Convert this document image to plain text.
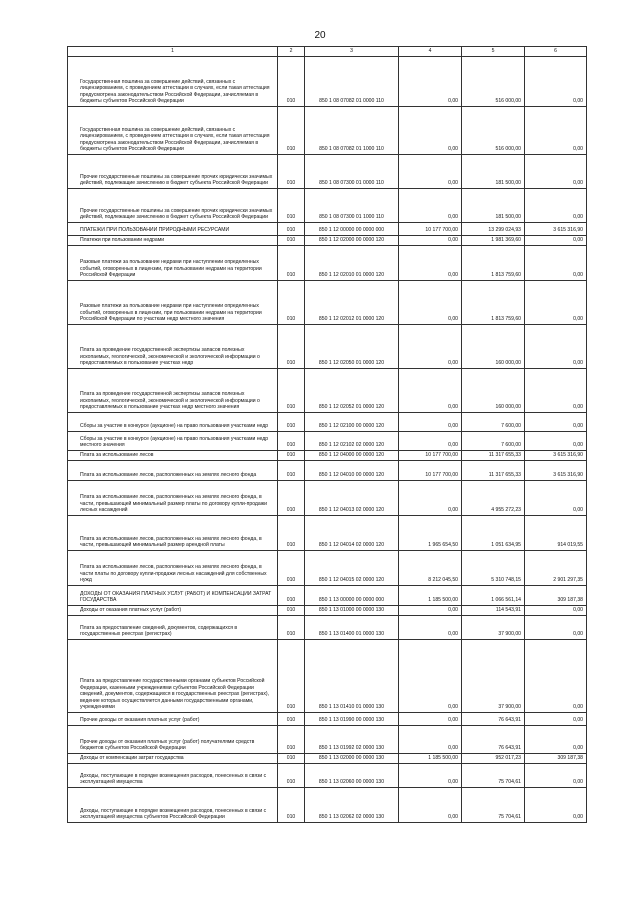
20
1	2	3	4	5	6
Государственная пошлина за совершение действий, связанных с лицензированием, с проведением аттестации в случаях, если такая аттестация предусмотрена законодательством Российской Федерации, зачисляемая в бюджеты субъектов Российской Федерации	010	850 1 08 07082 01 0000 110	0,00	516 000,00	0,00
Государственная пошлина за совершение действий, связанных с лицензированием, с проведением аттестации в случаях, если такая аттестация предусмотрена законодательством Российской Федерации, зачисляемая в бюджеты субъектов Российской Федерации	010	850 1 08 07082 01 1000 110	0,00	516 000,00	0,00
Прочие государственные пошлины за совершение прочих юридически значимых действий, подлежащие зачислению в бюджет субъекта Российской Федерации	010	850 1 08 07300 01 0000 110	0,00	181 500,00	0,00
Прочие государственные пошлины за совершение прочих юридически значимых действий, подлежащие зачислению в бюджет субъекта Российской Федерации	010	850 1 08 07300 01 1000 110	0,00	181 500,00	0,00
ПЛАТЕЖИ ПРИ ПОЛЬЗОВАНИИ ПРИРОДНЫМИ РЕСУРСАМИ	010	850 1 12 00000 00 0000 000	10 177 700,00	13 299 024,93	3 615 316,90
Платежи при пользовании недрами	010	850 1 12 02000 00 0000 120	0,00	1 981 369,60	0,00
Разовые платежи за пользование недрами при наступлении определенных событий, оговоренных в лицензии, при пользовании недрами на территории Российской Федерации	010	850 1 12 02010 01 0000 120	0,00	1 813 759,60	0,00
Разовые платежи за пользование недрами при наступлении определенных событий, оговоренных в лицензии, при пользовании недрами на территории Российской Федерации по участкам недр местного значения	010	850 1 12 02012 01 0000 120	0,00	1 813 759,60	0,00
Плата за проведение государственной экспертизы запасов полезных ископаемых, геологической, экономической и экологической информации о предоставляемых в пользование участках недр	010	850 1 12 02050 01 0000 120	0,00	160 000,00	0,00
Плата за проведение государственной экспертизы запасов полезных ископаемых, геологической, экономической и экологической информации о предоставляемых в пользование участках недр местного значения	010	850 1 12 02052 01 0000 120	0,00	160 000,00	0,00
Сборы за участие в конкурсе (аукционе) на право пользования участками недр	010	850 1 12 02100 00 0000 120	0,00	7 600,00	0,00
Сборы за участие в конкурсе (аукционе) на право пользования участками недр местного значения	010	850 1 12 02102 02 0000 120	0,00	7 600,00	0,00
Плата за использование лесов	010	850 1 12 04000 00 0000 120	10 177 700,00	11 317 655,33	3 615 316,90
Плата за использование лесов, расположенных на землях лесного фонда	010	850 1 12 04010 00 0000 120	10 177 700,00	11 317 655,33	3 615 316,90
Плата за использование лесов, расположенных на землях лесного фонда, в части, превышающей минимальный размер платы по договору купли-продажи лесных насаждений	010	850 1 12 04013 02 0000 120	0,00	4 955 272,23	0,00
Плата за использование лесов, расположенных на землях лесного фонда, в части, превышающей минимальный размер арендной платы	010	850 1 12 04014 02 0000 120	1 965 654,50	1 051 634,95	914 019,55
Плата за использование лесов, расположенных на землях лесного фонда, в части платы по договору купли-продажи лесных насаждений для собственных нужд	010	850 1 12 04015 02 0000 120	8 212 045,50	5 310 748,15	2 901 297,35
ДОХОДЫ ОТ ОКАЗАНИЯ ПЛАТНЫХ УСЛУГ (РАБОТ) И КОМПЕНСАЦИИ ЗАТРАТ ГОСУДАРСТВА	010	850 1 13 00000 00 0000 000	1 185 500,00	1 066 561,14	309 187,38
Доходы от оказания платных услуг (работ)	010	850 1 13 01000 00 0000 130	0,00	114 543,91	0,00
Плата за предоставление сведений, документов, содержащихся в государственных реестрах (регистрах)	010	850 1 13 01400 01 0000 130	0,00	37 900,00	0,00
Плата за предоставление государственными органами субъектов Российской Федерации, казенными учреждениями субъектов Российской Федерации сведений, документов, содержащихся в государственных реестрах (регистрах), ведение которых осуществляется данными государственными органами, учреждениями	010	850 1 13 01410 01 0000 130	0,00	37 900,00	0,00
Прочие доходы от оказания платных услуг (работ)	010	850 1 13 01990 00 0000 130	0,00	76 643,91	0,00
Прочие доходы от оказания платных услуг (работ) получателями средств бюджетов субъектов Российской Федерации	010	850 1 13 01992 02 0000 130	0,00	76 643,91	0,00
Доходы от компенсации затрат государства	010	850 1 13 02000 00 0000 130	1 185 500,00	952 017,23	309 187,38
Доходы, поступающие в порядке возмещения расходов, понесенных в связи с эксплуатацией имущества	010	850 1 13 02060 00 0000 130	0,00	75 704,61	0,00
Доходы, поступающие в порядке возмещения расходов, понесенных в связи с эксплуатацией имущества субъектов Российской Федерации	010	850 1 13 02062 02 0000 130	0,00	75 704,61	0,00
